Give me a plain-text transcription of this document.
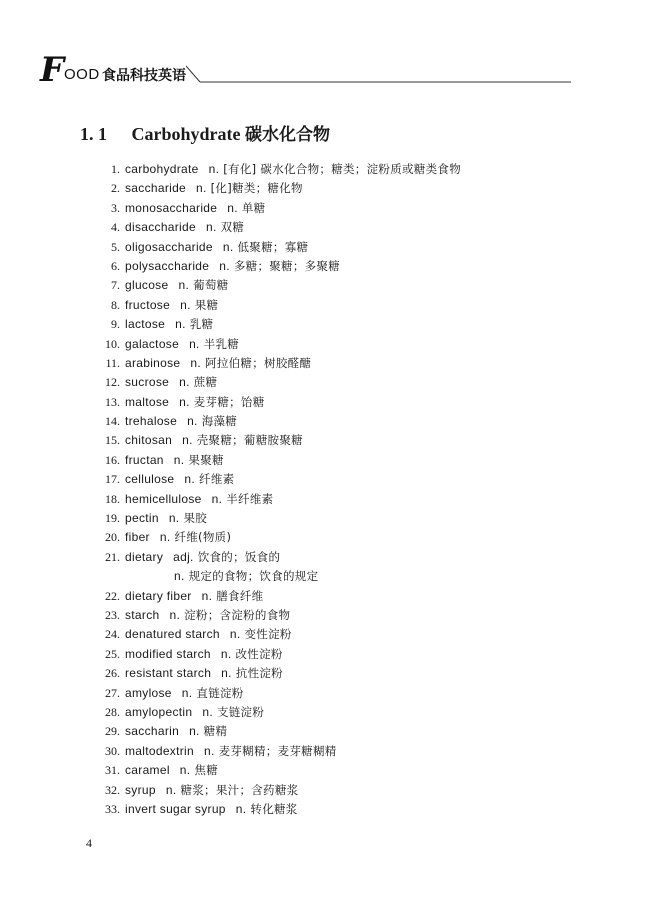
F OOD 食品科技英语
1. 1 Carbohydrate 碳水化合物
1. carbohydrate n. [有化] 碳水化合物；糖类；淀粉质或糖类食物
2. saccharide n. [化]糖类；糖化物
3. monosaccharide n. 单糖
4. disaccharide n. 双糖
5. oligosaccharide n. 低聚糖；寡糖
6. polysaccharide n. 多糖；聚糖；多聚糖
7. glucose n. 葡萄糖
8. fructose n. 果糖
9. lactose n. 乳糖
10. galactose n. 半乳糖
11. arabinose n. 阿拉伯糖；树胶醛醣
12. sucrose n. 蔗糖
13. maltose n. 麦芽糖；饴糖
14. trehalose n. 海藻糖
15. chitosan n. 壳聚糖；葡糖胺聚糖
16. fructan n. 果聚糖
17. cellulose n. 纤维素
18. hemicellulose n. 半纤维素
19. pectin n. 果胶
20. fiber n. 纤维(物质)
21. dietary adj. 饮食的；饭食的
n. 规定的食物；饮食的规定
22. dietary fiber n. 膳食纤维
23. starch n. 淀粉；含淀粉的食物
24. denatured starch n. 变性淀粉
25. modified starch n. 改性淀粉
26. resistant starch n. 抗性淀粉
27. amylose n. 直链淀粉
28. amylopectin n. 支链淀粉
29. saccharin n. 糖精
30. maltodextrin n. 麦芽糊精；麦芽糖糊精
31. caramel n. 焦糖
32. syrup n. 糖浆；果汁；含药糖浆
33. invert sugar syrup n. 转化糖浆
4
